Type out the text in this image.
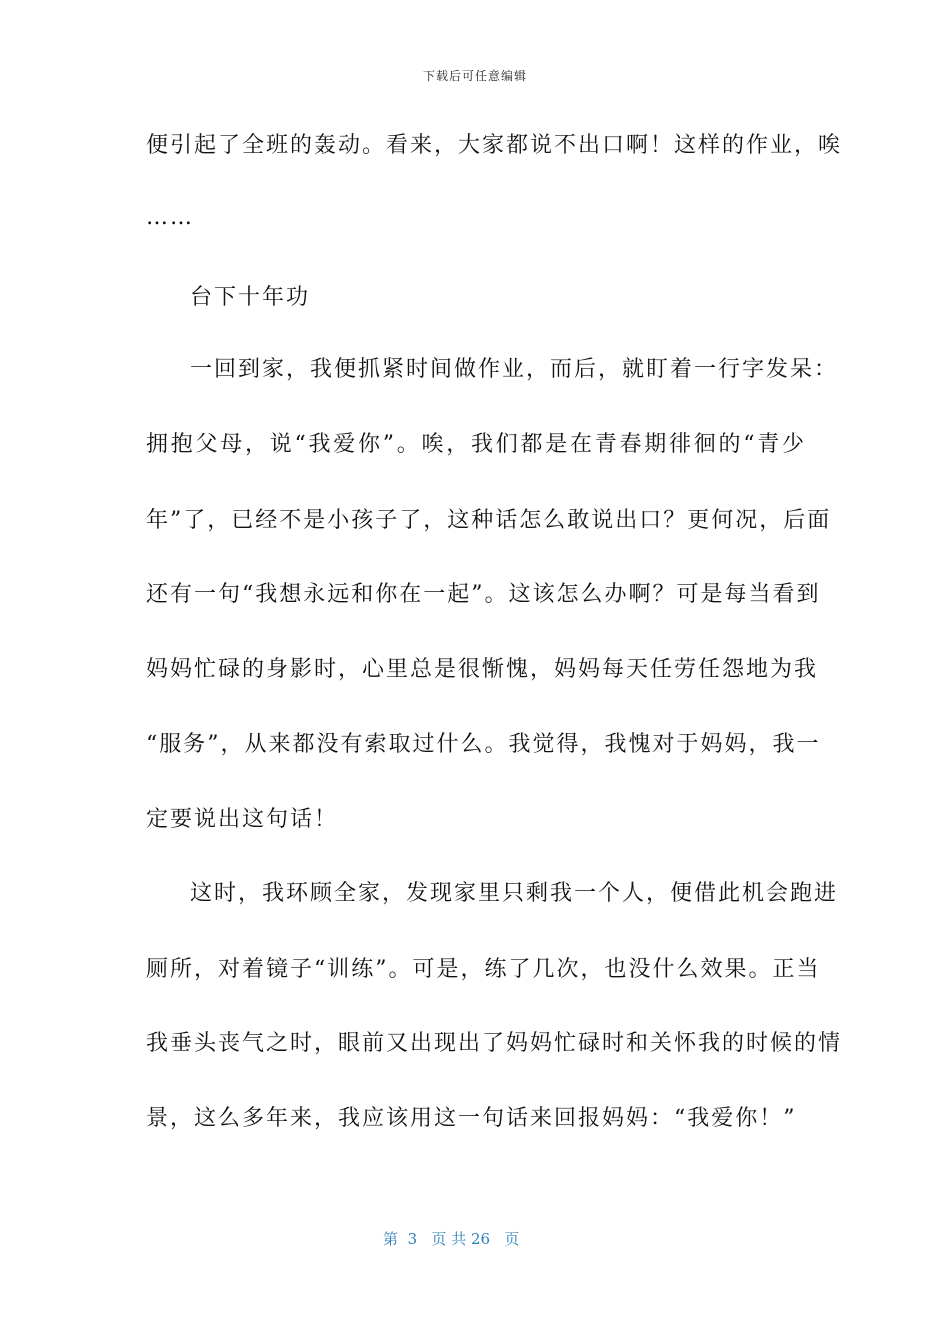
下载后可任意编辑
便引起了全班的轰动。看来，大家都说不出口啊！这样的作业，唉
……
台下十年功
一回到家，我便抓紧时间做作业，而后，就盯着一行字发呆：
拥抱父母，说“我爱你”。唉，我们都是在青春期徘徊的“青少
年”了，已经不是小孩子了，这种话怎么敢说出口？更何况，后面
还有一句“我想永远和你在一起”。这该怎么办啊？可是每当看到
妈妈忙碌的身影时，心里总是很惭愧，妈妈每天任劳任怨地为我
“服务”，从来都没有索取过什么。我觉得，我愧对于妈妈，我一
定要说出这句话！
这时，我环顾全家，发现家里只剩我一个人，便借此机会跑进
厕所，对着镜子“训练”。可是，练了几次，也没什么效果。正当
我垂头丧气之时，眼前又出现出了妈妈忙碌时和关怀我的时候的情
景，这么多年来，我应该用这一句话来回报妈妈：“我爱你！”
第 3 页 共 26 页
